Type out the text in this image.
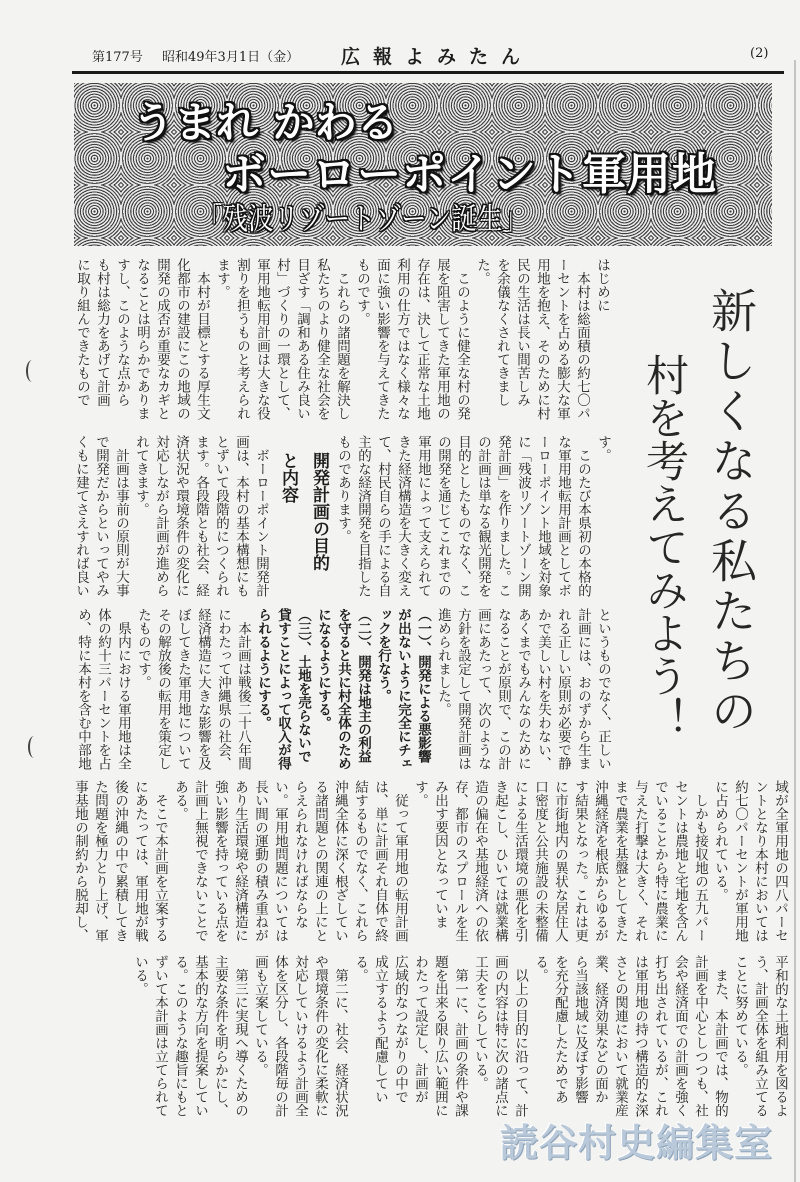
第177号 昭和49年3月1日（金） 広報よみたん	(2)
うまれ かわる
ボーローポイント軍用地
「残波リゾートゾーン誕生」
新しくなる私たちの
村を考えてみよう！
はじめに
　本村は総面積の約七〇パ
ーセントを占める膨大な軍
用地を抱え、そのために村
民の生活は長い間苦しみ
を余儀なくされてきまし
た。
　このように健全な村の発
展を阻害してきた軍用地の
存在は、決して正常な土地
利用の仕方ではなく様々な
面に強い影響を与えてきた
ものです。
　これらの諸問題を解決し
私たちのより健全な社会を
目ざす「調和ある住み良い
村」づくりの一環として、
軍用地転用計画は大きな役
割りを担うものと考えられ
ます。
　本村が目標とする厚生文
化都市の建設にこの地域の
開発の成否が重要なカギと
なることは明らかでありま
すし、このような点から
も村は総力をあげて計画
に取り組んできたもので
す。
　このたび本県初の本格的
な軍用地転用計画としてボ
ーローポイント地域を対象
に「残波リゾートゾーン開
発計画」を作りました。こ
の計画は単なる観光開発を
目的としたものでなく、こ
の開発を通じてこれまでの
軍用地によって支えられて
きた経済構造を大きく変え
て、村民自らの手による自
主的な経済開発を目指した
ものであります。
開発計画の目的
と内容
　ボーローポイント開発計
画は、本村の基本構想にも
とずいて段階的につくられ
ます。各段階とも社会、経
済状況や環境条件の変化に
対応しながら計画が進めら
れてきます。
　計画は事前の原則が大事
で開発だからといってやみ
くもに建てさえすれば良い
というものでなく、正しい
計画には、おのずから生ま
れる正しい原則が必要で静
かで美しい村を失わない、
あくまでもみんなのために
なることが原則で、この計
画にあたって、次のような
方針を設定して開発計画は
進められました。
（一）、開発による悪影響
が出ないように完全にチェ
ックを行なう。
（二）、開発は地主の利益
を守ると共に村全体のため
になるようにする。
（三）、土地を売らないで
貸すことによって収入が得
られるようにする。
　本計画は戦後二十八年間
にわたって沖縄県の社会、
経済構造に大きな影響を及
ぼしてきた軍用地について
その解放後の転用を策定し
たものです。
　県内における軍用地は全
体の約十三パーセントを占
め、特に本村を含む中部地
域が全軍用地の四八パーセ
ントとなり本村においては
約七〇パーセントが軍用地
に占められている。
　しかも接収地の五九パー
セントは農地と宅地を含ん
でいることから特に農業に
与えた打撃は大きく、それ
まで農業を基盤としてきた
沖縄経済を根底からゆるが
す結果となった。これは更
に市街地内の異状な居住人
口密度と公共施設の未整備
による生活環境の悪化を引
き起こし、ひいては就業構
造の偏在や基地経済への依
存、都市のスプロールを生
み出す要因となっていま
す。
　従って軍用地の転用計画
は、単に計画それ自体で終
結するものでなく、これら
沖縄全体に深く根ざしてい
る諸問題との関連の上にと
らえられなければならな
い。軍用地問題については
長い間の運動の積み重ねが
あり生活環境や経済構造に
強い影響を持っている点を
計画上無視できないことで
ある。
　そこで本計画を立案する
にあたっては、軍用地が戦
後の沖縄の中で累積してき
た問題を極力とり上げ、軍
事基地の制約から脱却し、
平和的な土地利用を図るよ
う、計画全体を組み立てる
ことに努めている。
　また、本計画では、物的
計画を中心としつつも、社
会や経済面での計画を強く
打ち出されているが、これ
は軍用地の持つ構造的な深
さとの関連において就業産
業、経済効果などの面か
ら当該地域に及ぼす影響
を充分配慮したためであ
る。
　以上の目的に沿って、計
画の内容は特に次の諸点に
工夫をこらしている。
　第一に、計画の条件や課
題を出来る限り広い範囲に
わたって設定し、計画が
広域的なつながりの中で
成立するよう配慮してい
る。
　第二に、社会、経済状況
や環境条件の変化に柔軟に
対応していけるよう計画全
体を区分し、各段階毎の計
画も立案している。
　第三に実現へ導くための
主要な条件を明らかにし、
基本的な方向を提案してい
る。このような趣旨にもと
ずいて本計画は立てられて
いる。
読谷村史編集室
